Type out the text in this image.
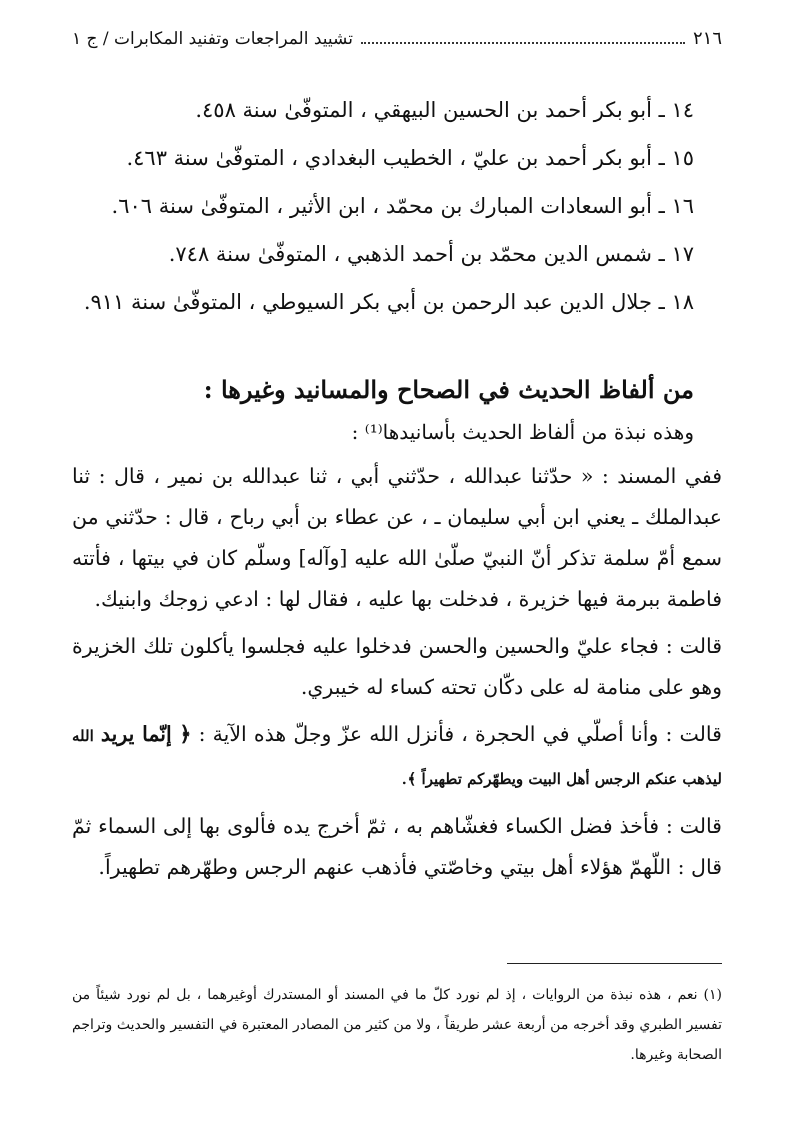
٢١٦
تشييد المراجعات وتفنيد المكابرات / ج ١
١٤ ـ أبو بكر أحمد بن الحسين البيهقي ، المتوفّىٰ سنة ٤٥٨.
١٥ ـ أبو بكر أحمد بن عليّ ، الخطيب البغدادي ، المتوفّىٰ سنة ٤٦٣.
١٦ ـ أبو السعادات المبارك بن محمّد ، ابن الأثير ، المتوفّىٰ سنة ٦٠٦.
١٧ ـ شمس الدين محمّد بن أحمد الذهبي ، المتوفّىٰ سنة ٧٤٨.
١٨ ـ جلال الدين عبد الرحمن بن أبي بكر السيوطي ، المتوفّىٰ سنة ٩١١.
من ألفاظ الحديث في الصحاح والمسانيد وغيرها :
وهذه نبذة من ألفاظ الحديث بأسانيدها⁽¹⁾ :

ففي المسند : « حدّثنا عبدالله ، حدّثني أبي ، ثنا عبدالله بن نمير ، قال : ثنا عبدالملك ـ يعني ابن أبي سليمان ـ ، عن عطاء بن أبي رباح ، قال : حدّثني من سمع أمّ سلمة تذكر أنّ النبيّ صلّىٰ الله عليه [وآله] وسلّم كان في بيتها ، فأتته فاطمة ببرمة فيها خزيرة ، فدخلت بها عليه ، فقال لها : ادعي زوجك وابنيك.

قالت : فجاء عليّ والحسين والحسن فدخلوا عليه فجلسوا يأكلون تلك الخزيرة وهو على منامة له على دكّان تحته كساء له خيبري.

قالت : وأنا أصلّي في الحجرة ، فأنزل الله عزّ وجلّ هذه الآية : ﴿ إنّما يريد الله ليذهب عنكم الرجس أهل البيت ويطهّركم تطهيراً ﴾.

قالت : فأخذ فضل الكساء فغشّاهم به ، ثمّ أخرج يده فألوى بها إلى السماء ثمّ قال : اللّهمّ هؤلاء أهل بيتي وخاصّتي فأذهب عنهم الرجس وطهّرهم تطهيراً.

(١) نعم ، هذه نبذة من الروايات ، إذ لم نورد كلّ ما في المسند أو المستدرك أوغيرهما ، بل لم نورد شيئاً من تفسير الطبري وقد أخرجه من أربعة عشر طريقاً ، ولا من كثير من المصادر المعتبرة في التفسير والحديث وتراجم الصحابة وغيرها.
